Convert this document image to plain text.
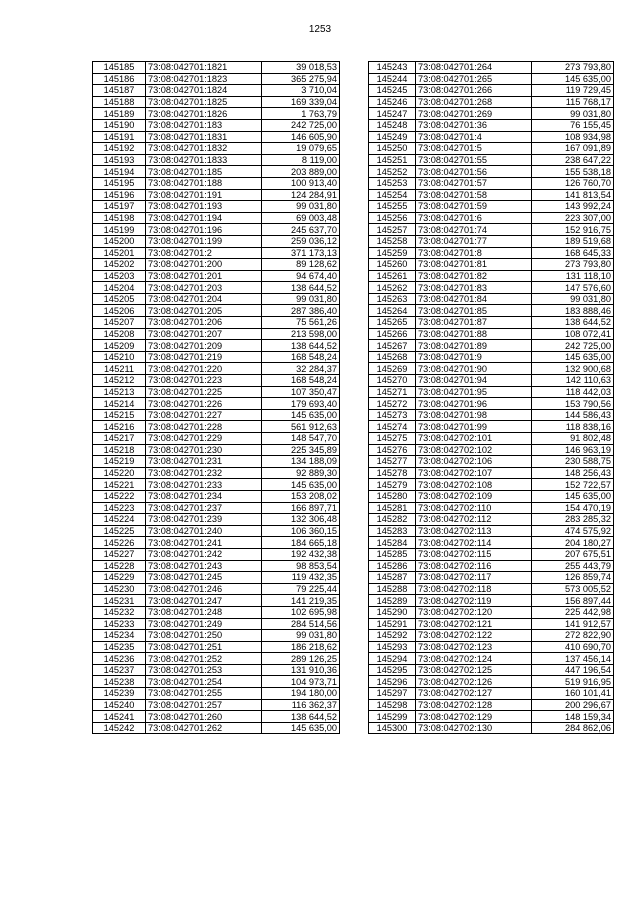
1253
145185	73:08:042701:1821	39 018,53
145186	73:08:042701:1823	365 275,94
145187	73:08:042701:1824	3 710,04
145188	73:08:042701:1825	169 339,04
145189	73:08:042701:1826	1 763,79
145190	73:08:042701:183	242 725,00
145191	73:08:042701:1831	146 605,90
145192	73:08:042701:1832	19 079,65
145193	73:08:042701:1833	8 119,00
145194	73:08:042701:185	203 889,00
145195	73:08:042701:188	100 913,40
145196	73:08:042701:191	124 284,91
145197	73:08:042701:193	99 031,80
145198	73:08:042701:194	69 003,48
145199	73:08:042701:196	245 637,70
145200	73:08:042701:199	259 036,12
145201	73:08:042701:2	371 173,13
145202	73:08:042701:200	89 128,62
145203	73:08:042701:201	94 674,40
145204	73:08:042701:203	138 644,52
145205	73:08:042701:204	99 031,80
145206	73:08:042701:205	287 386,40
145207	73:08:042701:206	75 561,26
145208	73:08:042701:207	213 598,00
145209	73:08:042701:209	138 644,52
145210	73:08:042701:219	168 548,24
145211	73:08:042701:220	32 284,37
145212	73:08:042701:223	168 548,24
145213	73:08:042701:225	107 350,47
145214	73:08:042701:226	179 693,40
145215	73:08:042701:227	145 635,00
145216	73:08:042701:228	561 912,63
145217	73:08:042701:229	148 547,70
145218	73:08:042701:230	225 345,89
145219	73:08:042701:231	134 188,09
145220	73:08:042701:232	92 889,30
145221	73:08:042701:233	145 635,00
145222	73:08:042701:234	153 208,02
145223	73:08:042701:237	166 897,71
145224	73:08:042701:239	132 306,48
145225	73:08:042701:240	106 360,15
145226	73:08:042701:241	184 665,18
145227	73:08:042701:242	192 432,38
145228	73:08:042701:243	98 853,54
145229	73:08:042701:245	119 432,35
145230	73:08:042701:246	79 225,44
145231	73:08:042701:247	141 219,35
145232	73:08:042701:248	102 695,98
145233	73:08:042701:249	284 514,56
145234	73:08:042701:250	99 031,80
145235	73:08:042701:251	186 218,62
145236	73:08:042701:252	289 126,25
145237	73:08:042701:253	131 910,36
145238	73:08:042701:254	104 973,71
145239	73:08:042701:255	194 180,00
145240	73:08:042701:257	116 362,37
145241	73:08:042701:260	138 644,52
145242	73:08:042701:262	145 635,00
145243	73:08:042701:264	273 793,80
145244	73:08:042701:265	145 635,00
145245	73:08:042701:266	119 729,45
145246	73:08:042701:268	115 768,17
145247	73:08:042701:269	99 031,80
145248	73:08:042701:36	76 155,45
145249	73:08:042701:4	108 934,98
145250	73:08:042701:5	167 091,89
145251	73:08:042701:55	238 647,22
145252	73:08:042701:56	155 538,18
145253	73:08:042701:57	126 760,70
145254	73:08:042701:58	141 813,54
145255	73:08:042701:59	143 992,24
145256	73:08:042701:6	223 307,00
145257	73:08:042701:74	152 916,75
145258	73:08:042701:77	189 519,68
145259	73:08:042701:8	168 645,33
145260	73:08:042701:81	273 793,80
145261	73:08:042701:82	131 118,10
145262	73:08:042701:83	147 576,60
145263	73:08:042701:84	99 031,80
145264	73:08:042701:85	183 888,46
145265	73:08:042701:87	138 644,52
145266	73:08:042701:88	108 072,41
145267	73:08:042701:89	242 725,00
145268	73:08:042701:9	145 635,00
145269	73:08:042701:90	132 900,68
145270	73:08:042701:94	142 110,63
145271	73:08:042701:95	118 442,03
145272	73:08:042701:96	153 790,56
145273	73:08:042701:98	144 586,43
145274	73:08:042701:99	118 838,16
145275	73:08:042702:101	91 802,48
145276	73:08:042702:102	146 963,19
145277	73:08:042702:106	230 588,75
145278	73:08:042702:107	148 256,43
145279	73:08:042702:108	152 722,57
145280	73:08:042702:109	145 635,00
145281	73:08:042702:110	154 470,19
145282	73:08:042702:112	283 285,32
145283	73:08:042702:113	474 575,92
145284	73:08:042702:114	204 180,27
145285	73:08:042702:115	207 675,51
145286	73:08:042702:116	255 443,79
145287	73:08:042702:117	126 859,74
145288	73:08:042702:118	573 005,52
145289	73:08:042702:119	156 897,44
145290	73:08:042702:120	225 442,98
145291	73:08:042702:121	141 912,57
145292	73:08:042702:122	272 822,90
145293	73:08:042702:123	410 690,70
145294	73:08:042702:124	137 456,14
145295	73:08:042702:125	447 196,54
145296	73:08:042702:126	519 916,95
145297	73:08:042702:127	160 101,41
145298	73:08:042702:128	200 296,67
145299	73:08:042702:129	148 159,34
145300	73:08:042702:130	284 862,06
